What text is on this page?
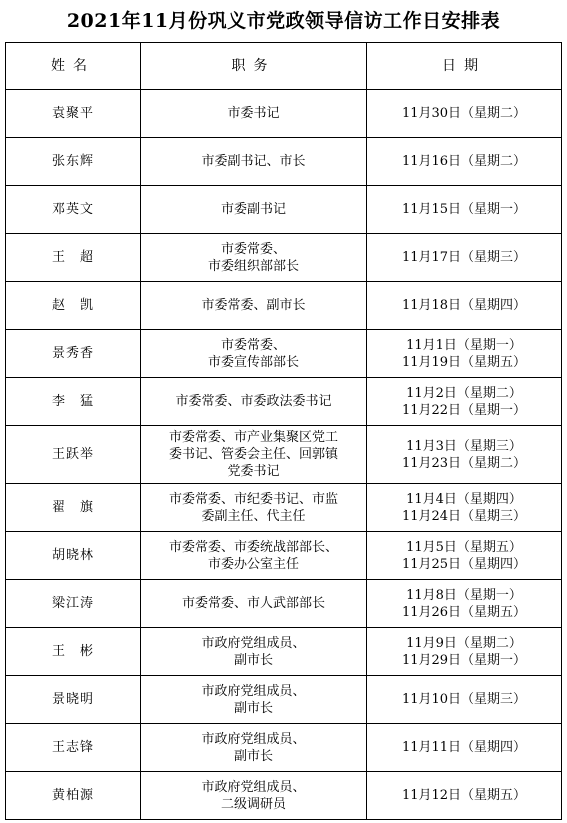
2021年11月份巩义市党政领导信访工作日安排表
姓名	职务	日期
袁聚平	市委书记	11月30日（星期二）

张东辉	市委副书记、市长	11月16日（星期二）

邓英文	市委副书记	11月15日（星期一）

王　超	市委常委、
市委组织部部长	11月17日（星期三）

赵　凯	市委常委、副市长	11月18日（星期四）

景秀香	市委常委、
市委宣传部部长	11月1日（星期一）
11月19日（星期五）

李　猛	市委常委、市委政法委书记	11月2日（星期二）
11月22日（星期一）

王跃举	市委常委、市产业集聚区党工
委书记、管委会主任、回郭镇
党委书记	11月3日（星期三）
11月23日（星期二）

翟　旗	市委常委、市纪委书记、市监
委副主任、代主任	11月4日（星期四）
11月24日（星期三）

胡晓林	市委常委、市委统战部部长、
市委办公室主任	11月5日（星期五）
11月25日（星期四）

梁江涛	市委常委、市人武部部长	11月8日（星期一）
11月26日（星期五）

王　彬	市政府党组成员、
副市长	11月9日（星期二）
11月29日（星期一）

景晓明	市政府党组成员、
副市长	11月10日（星期三）

王志锋	市政府党组成员、
副市长	11月11日（星期四）

黄柏源	市政府党组成员、
二级调研员	11月12日（星期五）
